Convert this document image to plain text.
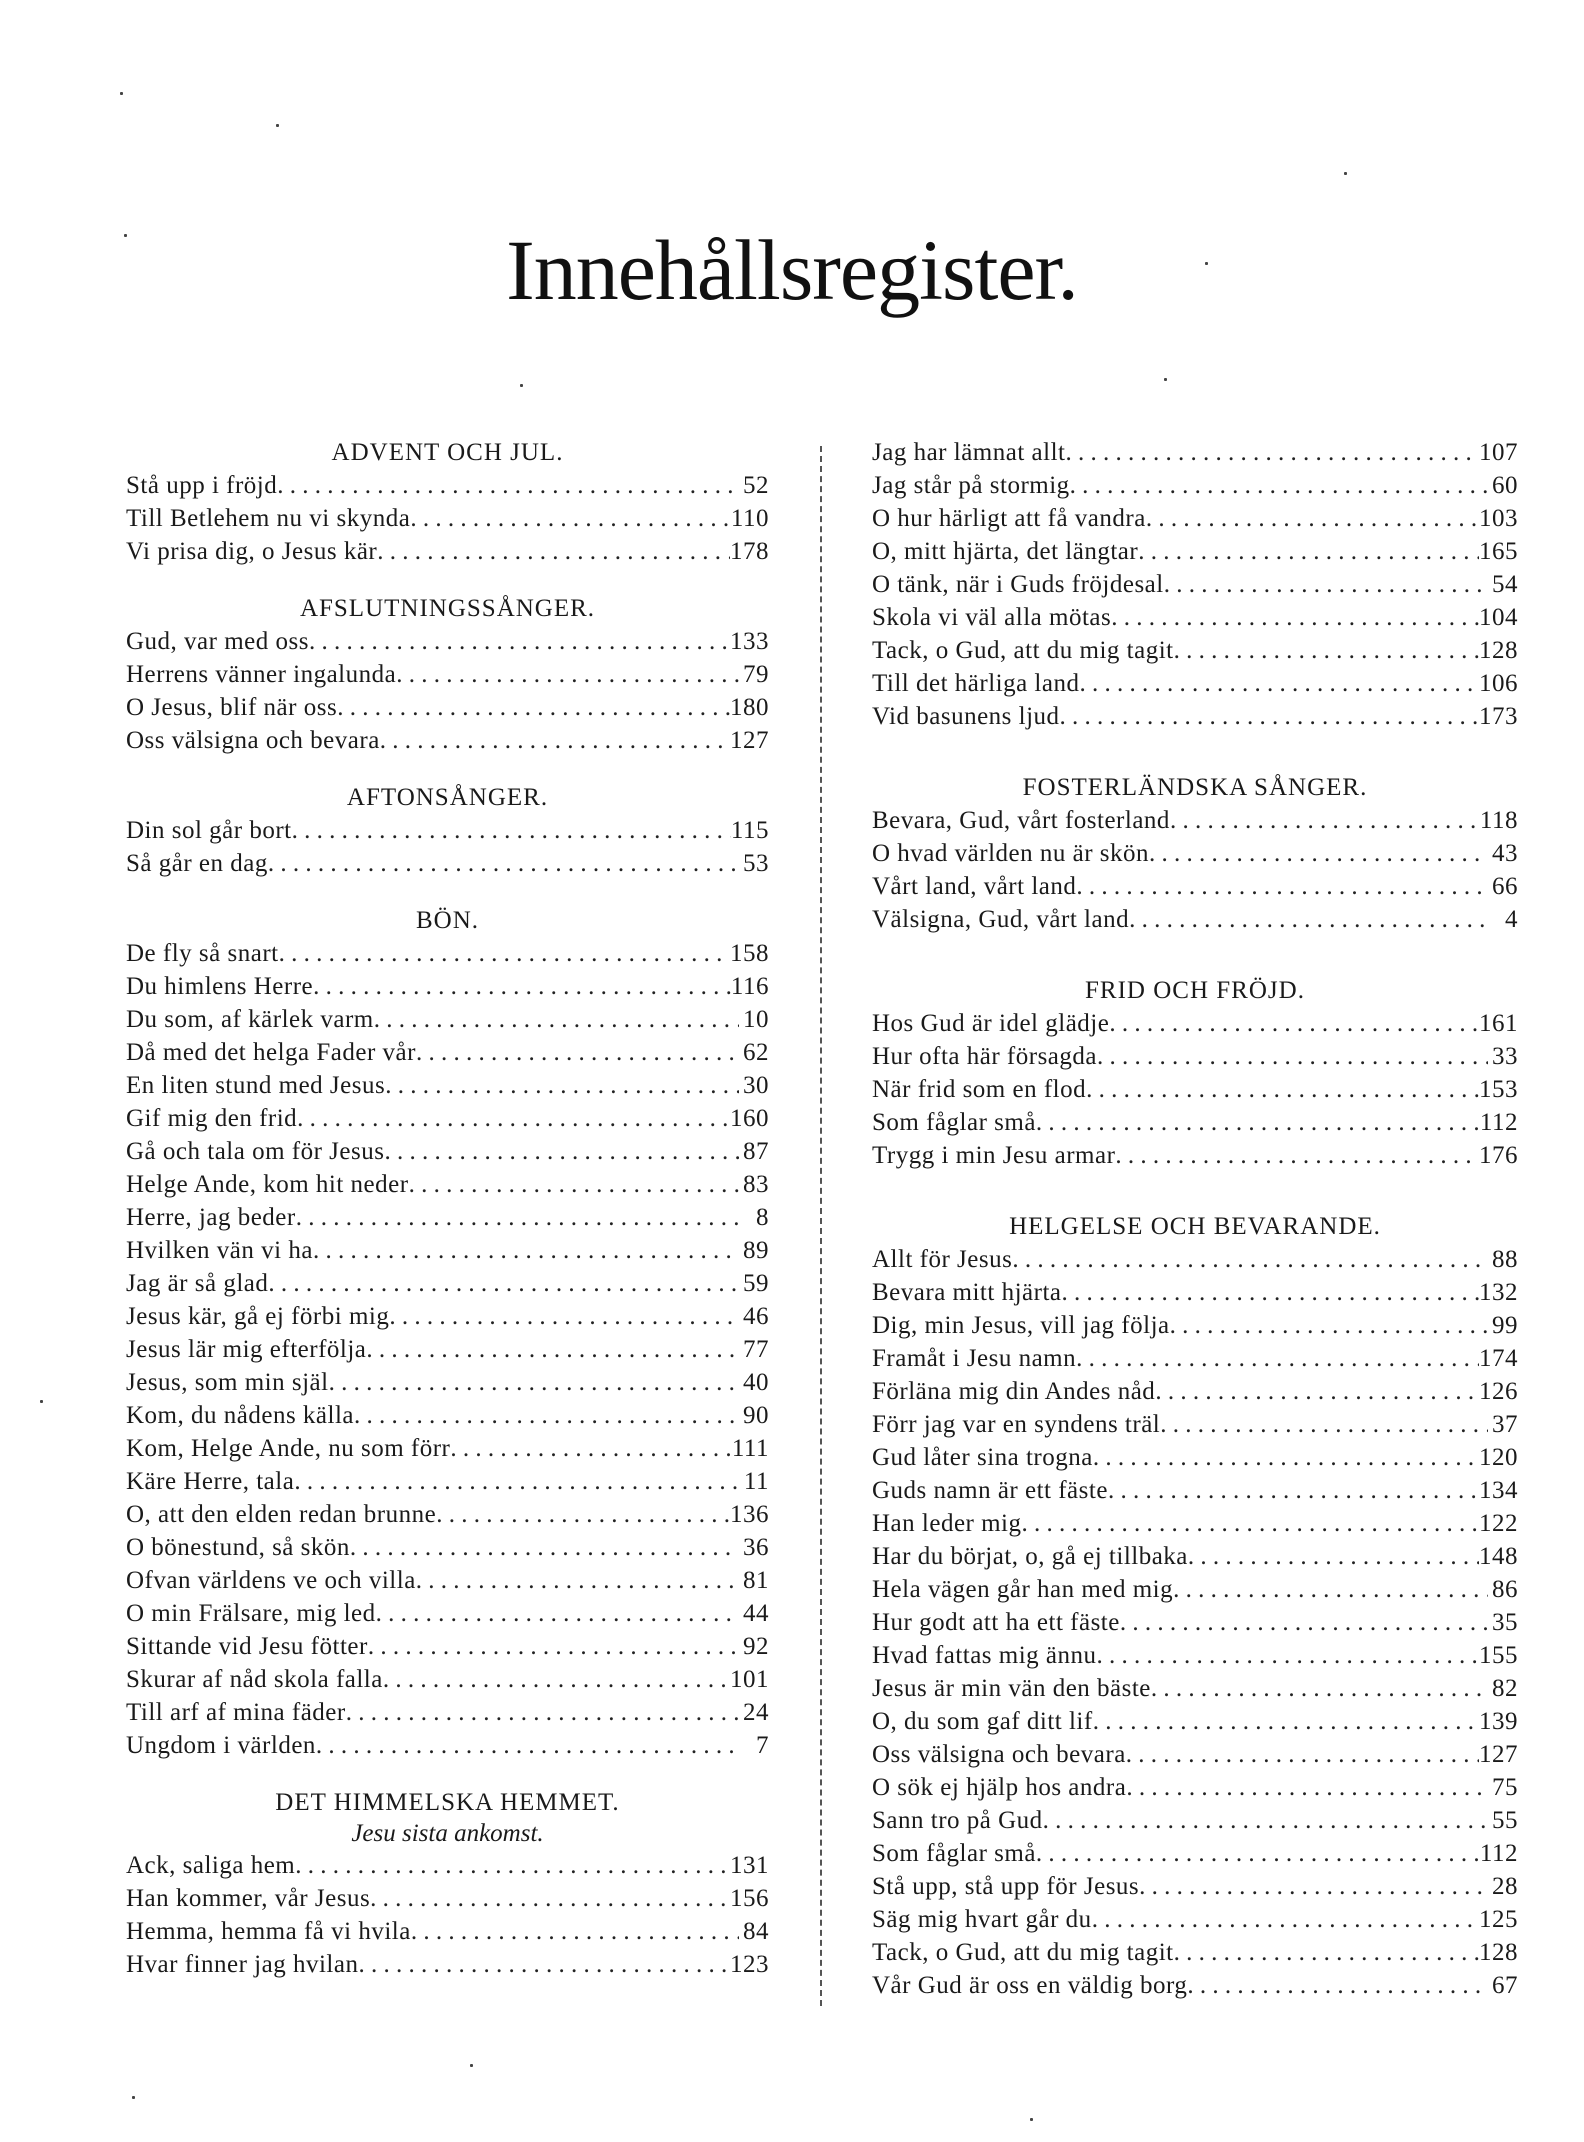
Innehållsregister.
ADVENT OCH JUL.
Stå upp i fröjd . . .	52
Till Betlehem nu vi skynda . . .	110
Vi prisa dig, o Jesus kär . . .	178
AFSLUTNINGSSÅNGER.
Gud, var med oss . . .	133
Herrens vänner ingalunda . . .	79
O Jesus, blif när oss . . .	180
Oss välsigna och bevara . . .	127
AFTONSÅNGER.
Din sol går bort . . .	115
Så går en dag . . .	53
BÖN.
De fly så snart . . .	158
Du himlens Herre . . .	116
Du som, af kärlek varm . . .	10
Då med det helga Fader vår . . .	62
En liten stund med Jesus . . .	30
Gif mig den frid . . .	160
Gå och tala om för Jesus . . .	87
Helge Ande, kom hit neder . . .	83
Herre, jag beder . . .	8
Hvilken vän vi ha . . .	89
Jag är så glad . . .	59
Jesus kär, gå ej förbi mig . . .	46
Jesus lär mig efterfölja . . .	77
Jesus, som min själ . . .	40
Kom, du nådens källa . . .	90
Kom, Helge Ande, nu som förr . . .	111
Käre Herre, tala . . .	11
O, att den elden redan brunne . . .	136
O bönestund, så skön . . .	36
Ofvan världens ve och villa . . .	81
O min Frälsare, mig led . . .	44
Sittande vid Jesu fötter . . .	92
Skurar af nåd skola falla . . .	101
Till arf af mina fäder . . .	24
Ungdom i världen . . .	7
DET HIMMELSKA HEMMET.
Jesu sista ankomst.
Ack, saliga hem . . .	131
Han kommer, vår Jesus . . .	156
Hemma, hemma få vi hvila . . .	84
Hvar finner jag hvilan . . .	123
Jag har lämnat allt . . .	107
Jag står på stormig . . .	60
O hur härligt att få vandra . . .	103
O, mitt hjärta, det längtar . . .	165
O tänk, när i Guds fröjdesal . . .	54
Skola vi väl alla mötas . . .	104
Tack, o Gud, att du mig tagit . . .	128
Till det härliga land . . .	106
Vid basunens ljud . . .	173
FOSTERLÄNDSKA SÅNGER.
Bevara, Gud, vårt fosterland . . .	118
O hvad världen nu är skön . . .	43
Vårt land, vårt land . . .	66
Välsigna, Gud, vårt land . . .	4
FRID OCH FRÖJD.
Hos Gud är idel glädje . . .	161
Hur ofta här försagda . . .	33
När frid som en flod . . .	153
Som fåglar små . . .	112
Trygg i min Jesu armar . . .	176
HELGELSE OCH BEVARANDE.
Allt för Jesus . . .	88
Bevara mitt hjärta . . .	132
Dig, min Jesus, vill jag följa . . .	99
Framåt i Jesu namn . . .	174
Förläna mig din Andes nåd . . .	126
Förr jag var en syndens träl . . .	37
Gud låter sina trogna . . .	120
Guds namn är ett fäste . . .	134
Han leder mig . . .	122
Har du börjat, o, gå ej tillbaka . . .	148
Hela vägen går han med mig . . .	86
Hur godt att ha ett fäste . . .	35
Hvad fattas mig ännu . . .	155
Jesus är min vän den bäste . . .	82
O, du som gaf ditt lif . . .	139
Oss välsigna och bevara . . .	127
O sök ej hjälp hos andra . . .	75
Sann tro på Gud . . .	55
Som fåglar små . . .	112
Stå upp, stå upp för Jesus . . .	28
Säg mig hvart går du . . .	125
Tack, o Gud, att du mig tagit . . .	128
Vår Gud är oss en väldig borg . . .	67
